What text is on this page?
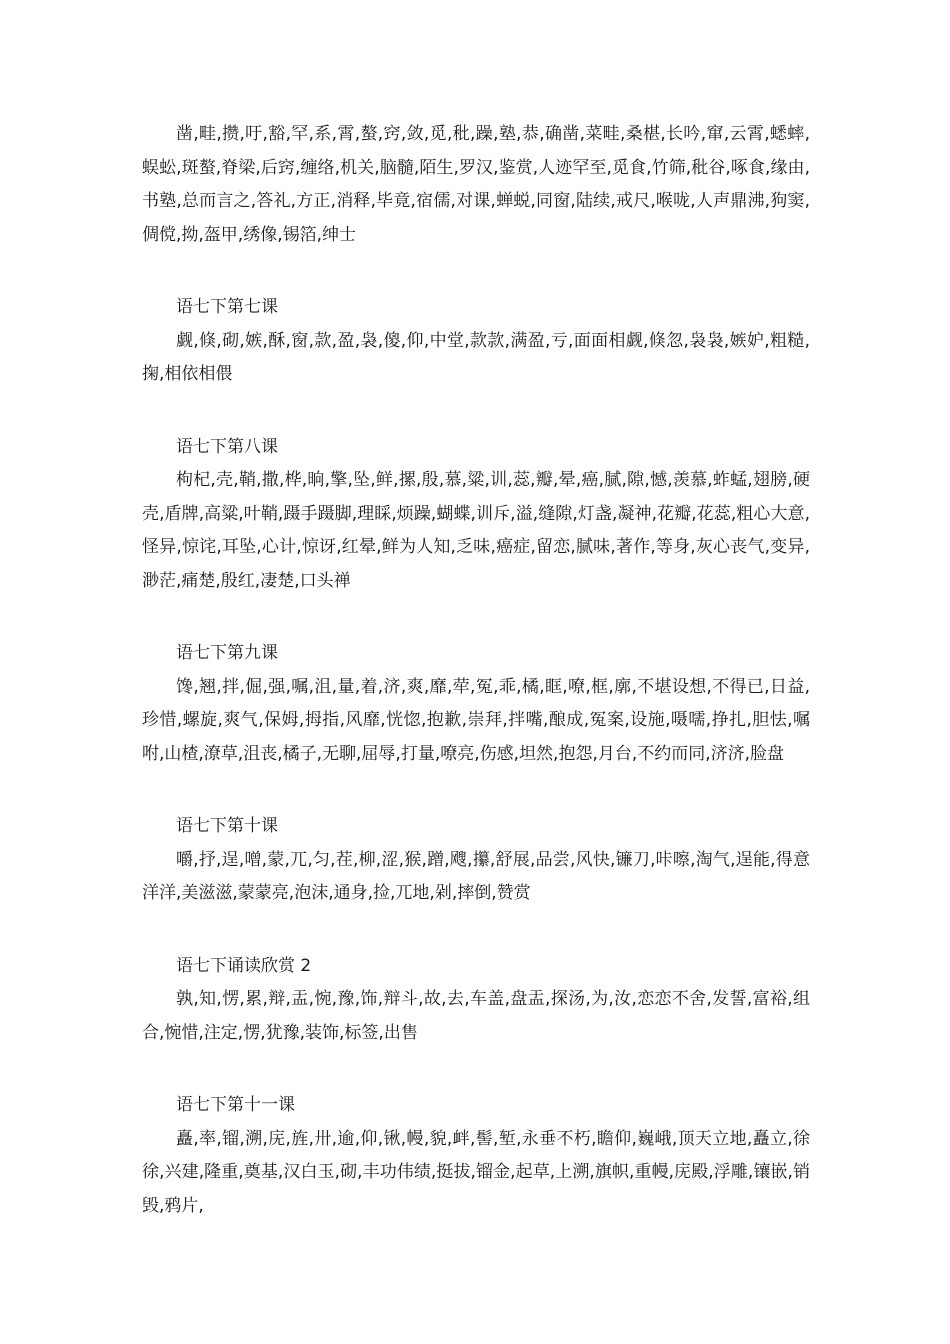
凿,畦,攒,吁,豁,罕,系,霄,螯,窍,敛,觅,秕,躁,塾,恭,确凿,菜畦,桑椹,长吟,窜,云霄,蟋蟀,蜈蚣,斑螯,脊梁,后窍,缠络,机关,脑髓,陌生,罗汉,鉴赏,人迹罕至,觅食,竹筛,秕谷,啄食,缘由,书塾,总而言之,答礼,方正,消释,毕竟,宿儒,对课,蝉蜕,同窗,陆续,戒尺,喉咙,人声鼎沸,狗窦,倜傥,拗,盔甲,绣像,锡箔,绅士

语七下第七课

觑,倏,砌,嫉,酥,窗,款,盈,袅,傻,仰,中堂,款款,满盈,亏,面面相觑,倏忽,袅袅,嫉妒,粗糙,掬,相依相偎

语七下第八课

枸杞,壳,鞘,撒,桦,晌,擎,坠,鲜,摞,殷,慕,粱,训,蕊,瓣,晕,癌,腻,隙,憾,羡慕,蚱蜢,翅膀,硬壳,盾牌,高粱,叶鞘,蹑手蹑脚,理睬,烦躁,蝴蝶,训斥,溢,缝隙,灯盏,凝神,花瓣,花蕊,粗心大意,怪异,惊诧,耳坠,心计,惊讶,红晕,鲜为人知,乏味,癌症,留恋,腻味,著作,等身,灰心丧气,变异,渺茫,痛楚,殷红,凄楚,口头禅

语七下第九课

馋,翘,拌,倔,强,嘱,沮,量,着,济,爽,靡,荦,冤,乖,橘,眶,嘹,框,廓,不堪设想,不得已,日益,珍惜,螺旋,爽气,保姆,拇指,风靡,恍惚,抱歉,崇拜,拌嘴,酿成,冤案,设施,嗫嚅,挣扎,胆怯,嘱咐,山楂,潦草,沮丧,橘子,无聊,屈辱,打量,嘹亮,伤感,坦然,抱怨,月台,不约而同,济济,脸盘

语七下第十课

嚼,抒,逞,噌,蒙,兀,匀,茬,柳,涩,猴,蹭,飕,攥,舒展,品尝,风快,镰刀,咔嚓,淘气,逞能,得意洋洋,美滋滋,蒙蒙亮,泡沫,通身,捡,兀地,剁,摔倒,赞赏

语七下诵读欣赏 2

孰,知,愣,累,辩,盂,惋,豫,饰,辩斗,故,去,车盖,盘盂,探汤,为,汝,恋恋不舍,发誓,富裕,组合,惋惜,注定,愣,犹豫,装饰,标签,出售

语七下第十一课

矗,率,镏,溯,庑,旌,卅,逾,仰,锹,幔,貌,衅,髻,堑,永垂不朽,瞻仰,巍峨,顶天立地,矗立,徐徐,兴建,隆重,奠基,汉白玉,砌,丰功伟绩,挺拔,镏金,起草,上溯,旗帜,重幔,庑殿,浮雕,镶嵌,销毁,鸦片,
